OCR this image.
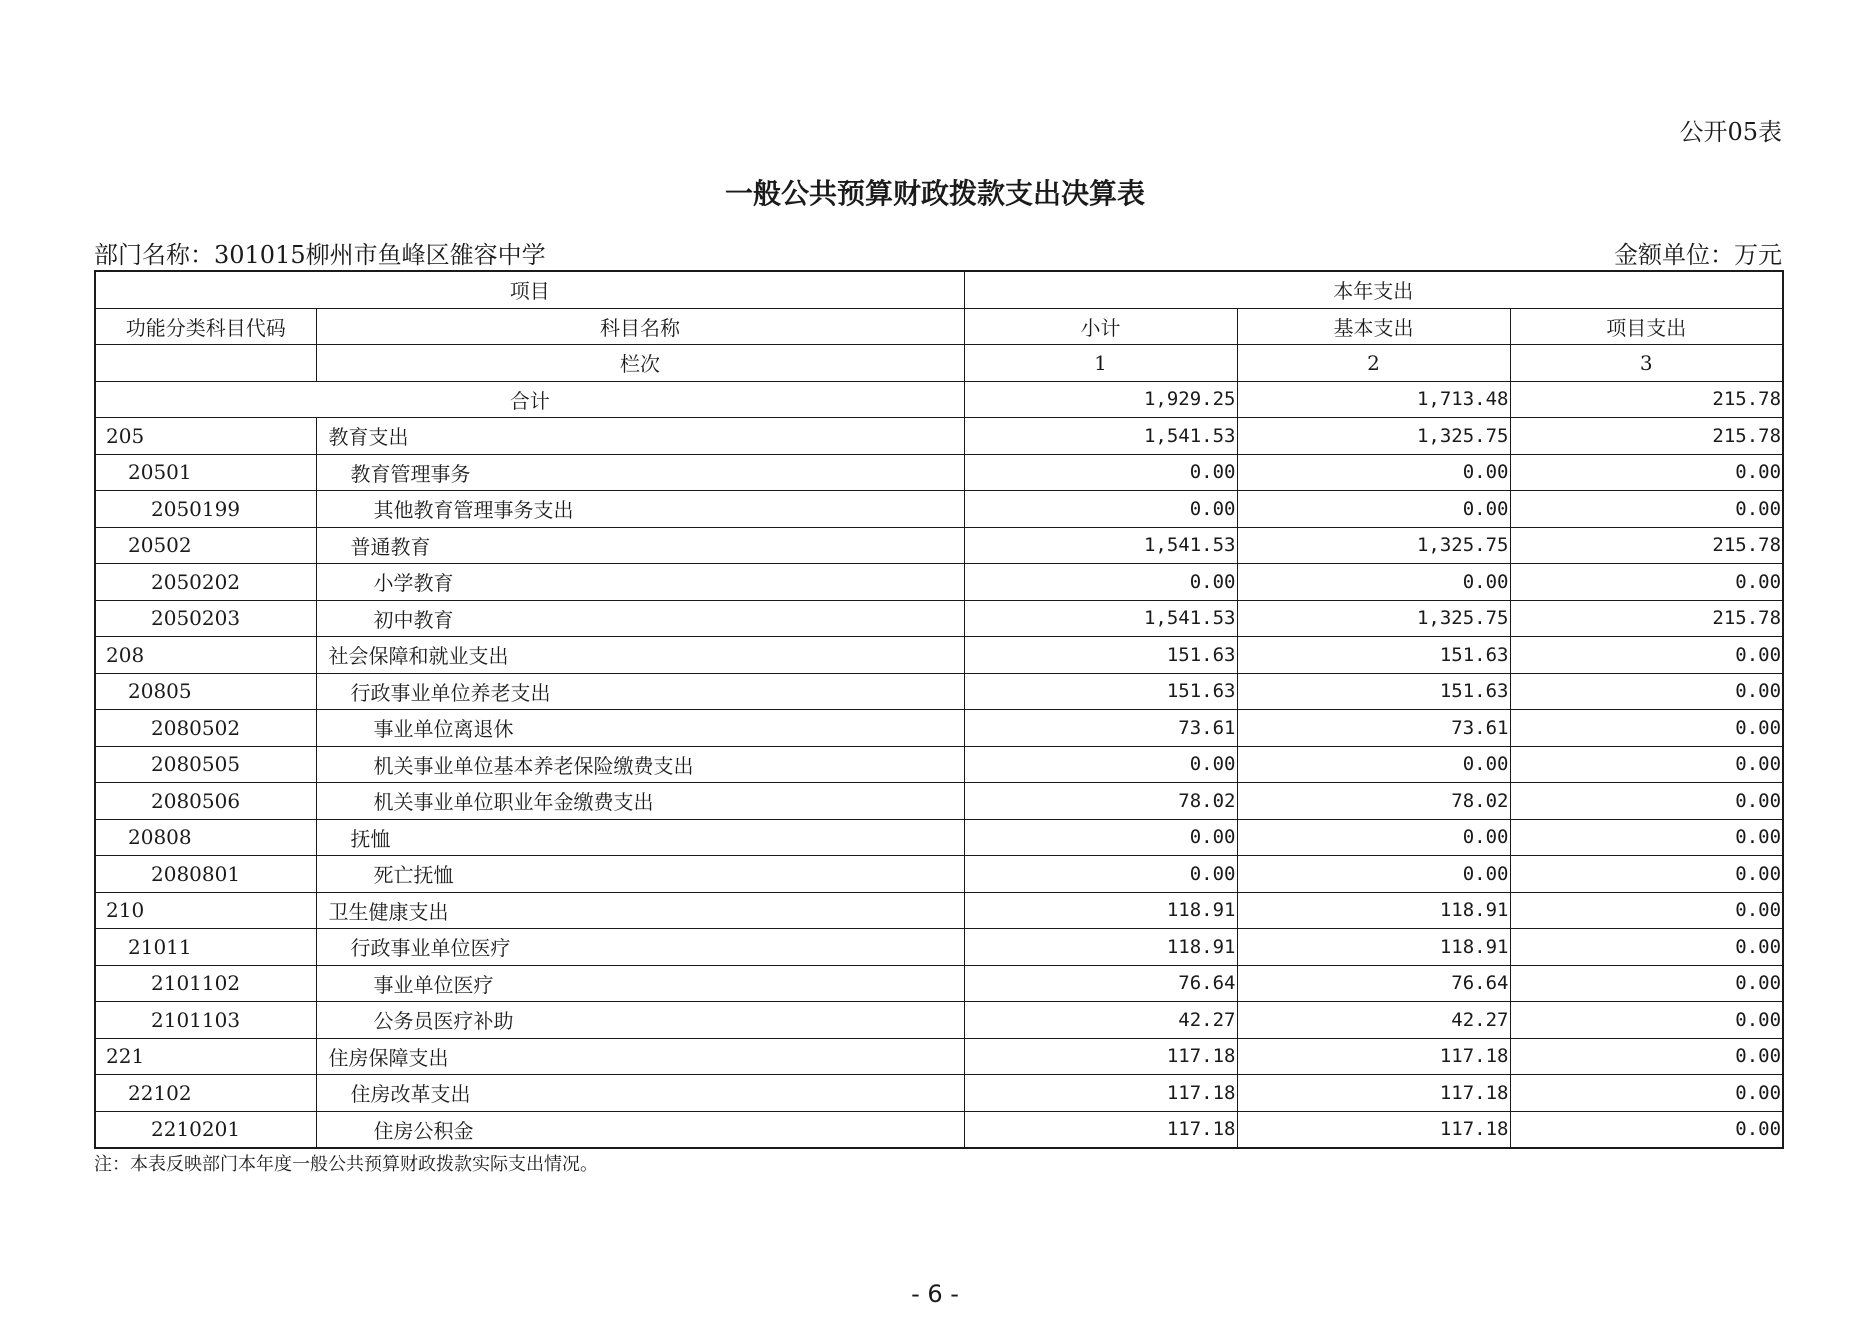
公开05表
一般公共预算财政拨款支出决算表
部门名称：301015柳州市鱼峰区雒容中学	金额单位：万元
项目		本年支出		
功能分类科目代码	科目名称	小计	基本支出	项目支出
	栏次	1	2	3
合计		1,929.25	1,713.48	215.78
205	教育支出	1,541.53	1,325.75	215.78
20501	教育管理事务	0.00	0.00	0.00
2050199	其他教育管理事务支出	0.00	0.00	0.00
20502	普通教育	1,541.53	1,325.75	215.78
2050202	小学教育	0.00	0.00	0.00
2050203	初中教育	1,541.53	1,325.75	215.78
208	社会保障和就业支出	151.63	151.63	0.00
20805	行政事业单位养老支出	151.63	151.63	0.00
2080502	事业单位离退休	73.61	73.61	0.00
2080505	机关事业单位基本养老保险缴费支出	0.00	0.00	0.00
2080506	机关事业单位职业年金缴费支出	78.02	78.02	0.00
20808	抚恤	0.00	0.00	0.00
2080801	死亡抚恤	0.00	0.00	0.00
210	卫生健康支出	118.91	118.91	0.00
21011	行政事业单位医疗	118.91	118.91	0.00
2101102	事业单位医疗	76.64	76.64	0.00
2101103	公务员医疗补助	42.27	42.27	0.00
221	住房保障支出	117.18	117.18	0.00
22102	住房改革支出	117.18	117.18	0.00
2210201	住房公积金	117.18	117.18	0.00
注：本表反映部门本年度一般公共预算财政拨款实际支出情况。
- 6 -
